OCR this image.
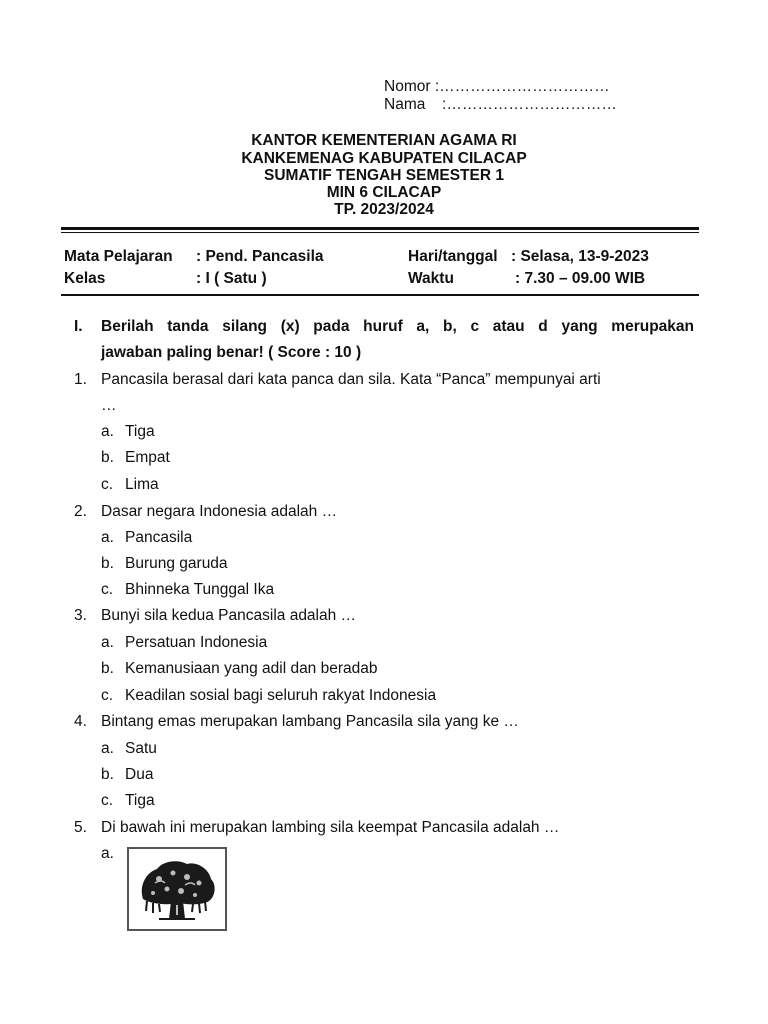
Nomor :……………………………
Nama :……………………………
KANTOR KEMENTERIAN AGAMA RI
KANKEMENAG KABUPATEN CILACAP
SUMATIF TENGAH SEMESTER 1
MIN 6 CILACAP
TP. 2023/2024
Mata Pelajaran : Pend. Pancasila
Kelas	: I ( Satu )
Hari/tanggal : Selasa, 13-9-2023
Waktu	: 7.30 – 09.00 WIB
I. Berilah tanda silang (x) pada huruf a, b, c atau d yang merupakan
jawaban paling benar! ( Score : 10 )
1. Pancasila berasal dari kata panca dan sila. Kata “Panca” mempunyai arti
…
a. Tiga
b. Empat
c. Lima
2. Dasar negara Indonesia adalah …
a. Pancasila
b. Burung garuda
c. Bhinneka Tunggal Ika
3. Bunyi sila kedua Pancasila adalah …
a. Persatuan Indonesia
b. Kemanusiaan yang adil dan beradab
c. Keadilan sosial bagi seluruh rakyat Indonesia
4. Bintang emas merupakan lambang Pancasila sila yang ke …
a. Satu
b. Dua
c. Tiga
5. Di bawah ini merupakan lambing sila keempat Pancasila adalah …
a.
